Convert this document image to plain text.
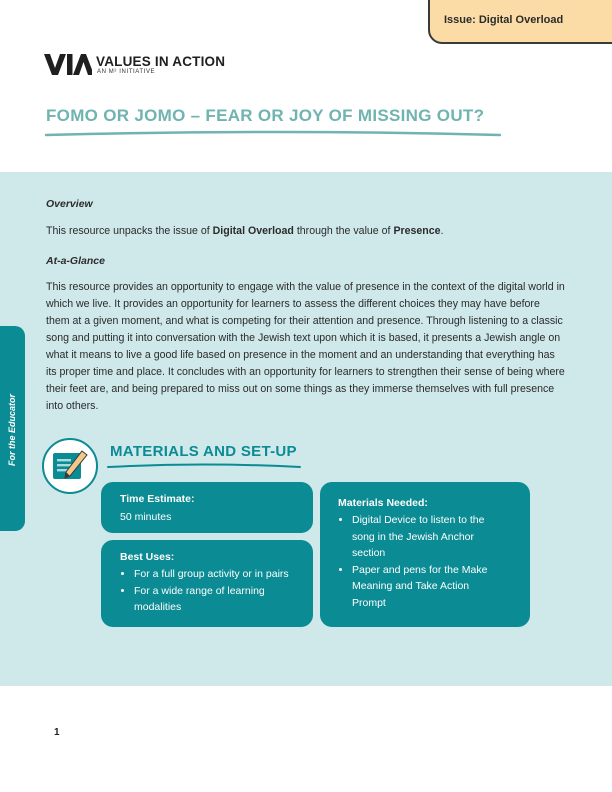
Issue: Digital Overload
VALUES IN ACTION
AN M² INITIATIVE
FOMO OR JOMO – FEAR OR JOY OF MISSING OUT?
For the Educator
Overview
This resource unpacks the issue of Digital Overload through the value of Presence.
At-a-Glance
This resource provides an opportunity to engage with the value of presence in the context of the digital world in which we live. It provides an opportunity for learners to assess the different choices they may have before them at a given moment, and what is competing for their attention and presence. Through listening to a classic song and putting it into conversation with the Jewish text upon which it is based, it presents a Jewish angle on what it means to live a good life based on presence in the moment and an understanding that everything has its proper time and place. It concludes with an opportunity for learners to strengthen their sense of being where their feet are, and being prepared to miss out on some things as they immerse themselves with full presence into others.
MATERIALS AND SET-UP
Time Estimate:
50 minutes
Best Uses:
• For a full group activity or in pairs
• For a wide range of learning
modalities
Materials Needed:
• Digital Device to listen to the
song in the Jewish Anchor
section
• Paper and pens for the Make
Meaning and Take Action
Prompt
1
